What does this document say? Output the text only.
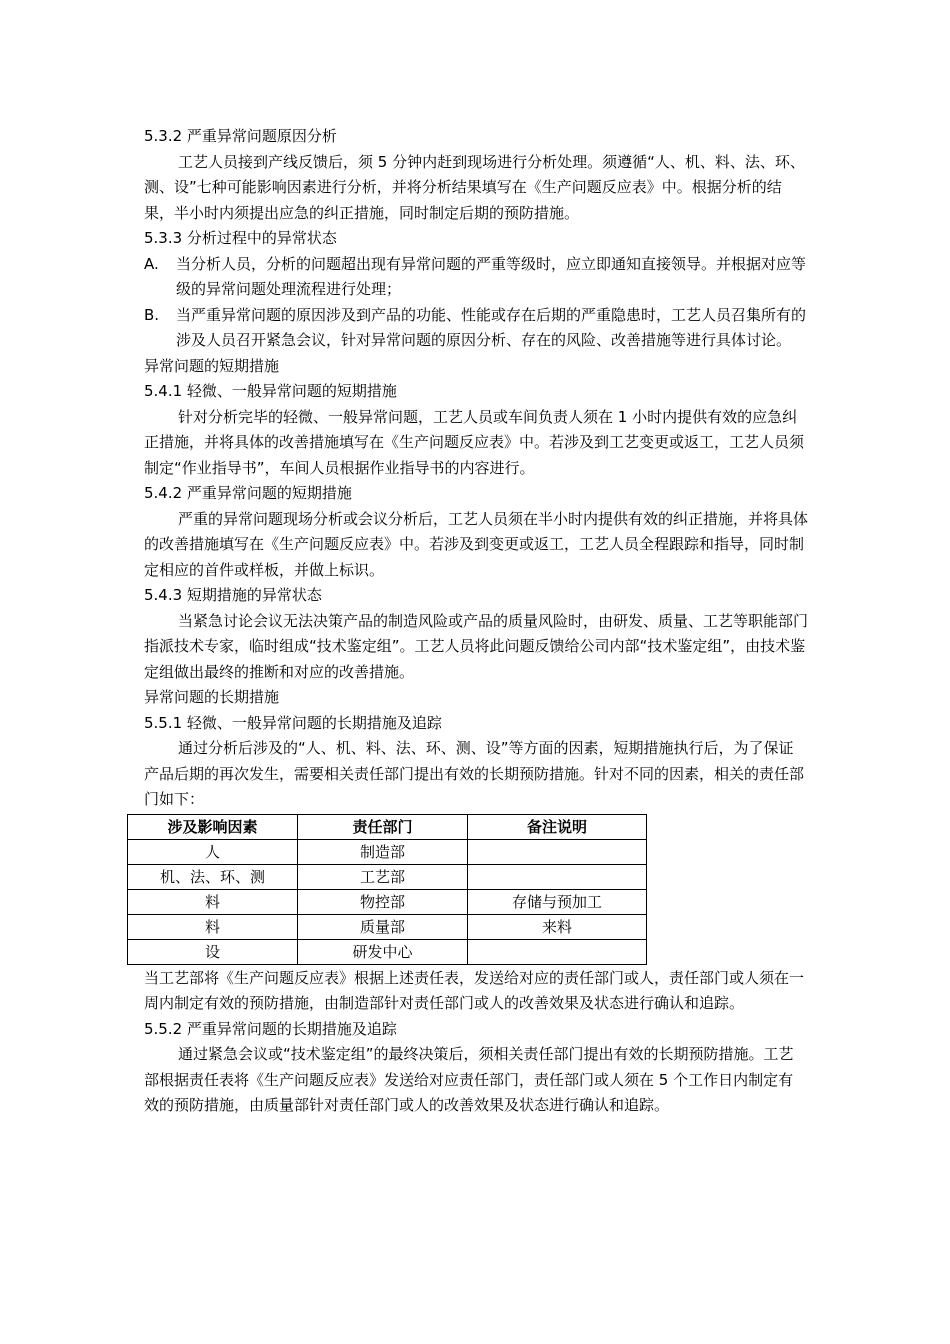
5.3.2 严重异常问题原因分析

工艺人员接到产线反馈后，须 5 分钟内赶到现场进行分析处理。须遵循“人、机、料、法、环、测、设”七种可能影响因素进行分析，并将分析结果填写在《生产问题反应表》中。根据分析的结果，半小时内须提出应急的纠正措施，同时制定后期的预防措施。

5.3.3 分析过程中的异常状态

A.	当分析人员，分析的问题超出现有异常问题的严重等级时，应立即通知直接领导。并根据对应等级的异常问题处理流程进行处理；
B.	当严重异常问题的原因涉及到产品的功能、性能或存在后期的严重隐患时，工艺人员召集所有的涉及人员召开紧急会议，针对异常问题的原因分析、存在的风险、改善措施等进行具体讨论。

异常问题的短期措施

5.4.1 轻微、一般异常问题的短期措施

针对分析完毕的轻微、一般异常问题，工艺人员或车间负责人须在 1 小时内提供有效的应急纠正措施，并将具体的改善措施填写在《生产问题反应表》中。若涉及到工艺变更或返工，工艺人员须制定“作业指导书”，车间人员根据作业指导书的内容进行。

5.4.2 严重异常问题的短期措施

严重的异常问题现场分析或会议分析后，工艺人员须在半小时内提供有效的纠正措施，并将具体的改善措施填写在《生产问题反应表》中。若涉及到变更或返工，工艺人员全程跟踪和指导，同时制定相应的首件或样板，并做上标识。

5.4.3 短期措施的异常状态

当紧急讨论会议无法决策产品的制造风险或产品的质量风险时，由研发、质量、工艺等职能部门指派技术专家，临时组成“技术鉴定组”。工艺人员将此问题反馈给公司内部“技术鉴定组”，由技术鉴定组做出最终的推断和对应的改善措施。

异常问题的长期措施

5.5.1 轻微、一般异常问题的长期措施及追踪

通过分析后涉及的“人、机、料、法、环、测、设”等方面的因素，短期措施执行后，为了保证产品后期的再次发生，需要相关责任部门提出有效的长期预防措施。针对不同的因素，相关的责任部门如下：

涉及影响因素	责任部门	备注说明
人	制造部	
机、法、环、测	工艺部	
料	物控部	存储与预加工
料	质量部	来料
设	研发中心	

当工艺部将《生产问题反应表》根据上述责任表，发送给对应的责任部门或人，责任部门或人须在一周内制定有效的预防措施，由制造部针对责任部门或人的改善效果及状态进行确认和追踪。

5.5.2 严重异常问题的长期措施及追踪

通过紧急会议或“技术鉴定组”的最终决策后，须相关责任部门提出有效的长期预防措施。工艺部根据责任表将《生产问题反应表》发送给对应责任部门，责任部门或人须在 5 个工作日内制定有效的预防措施，由质量部针对责任部门或人的改善效果及状态进行确认和追踪。
